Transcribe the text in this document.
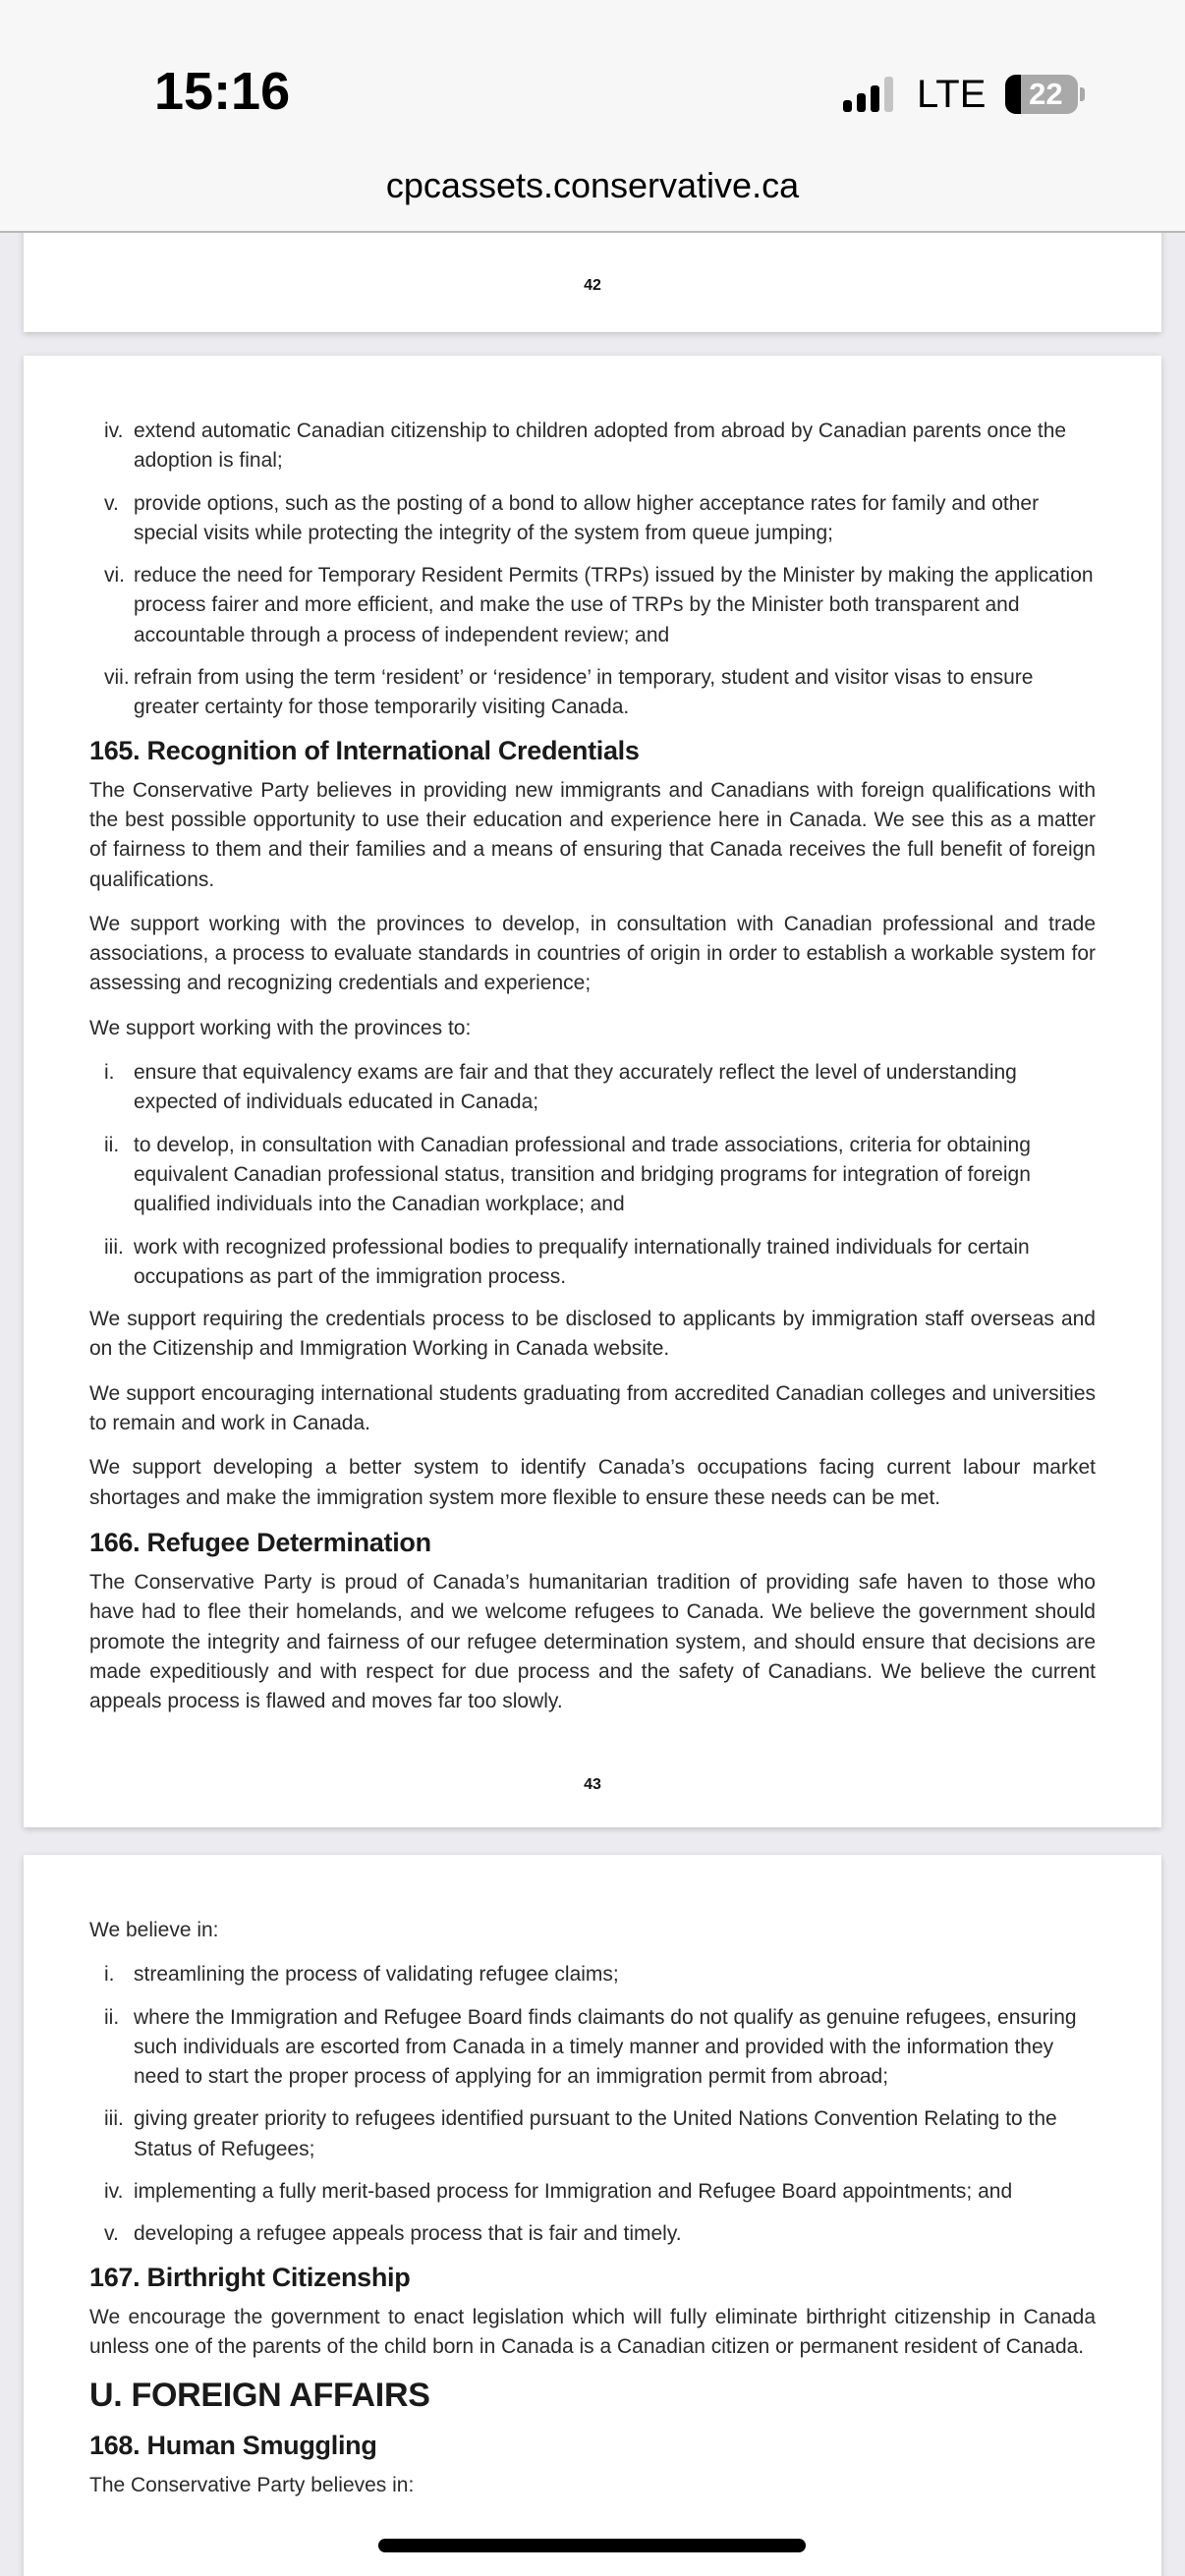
15:16	LTE 22
cpcassets.conservative.ca
42
iv. extend automatic Canadian citizenship to children adopted from abroad by Canadian parents once the adoption is final;
v. provide options, such as the posting of a bond to allow higher acceptance rates for family and other special visits while protecting the integrity of the system from queue jumping;
vi. reduce the need for Temporary Resident Permits (TRPs) issued by the Minister by making the application process fairer and more efficient, and make the use of TRPs by the Minister both transparent and accountable through a process of independent review; and
vii. refrain from using the term ‘resident’ or ‘residence’ in temporary, student and visitor visas to ensure greater certainty for those temporarily visiting Canada.
165. Recognition of International Credentials
The Conservative Party believes in providing new immigrants and Canadians with foreign qualifications with the best possible opportunity to use their education and experience here in Canada. We see this as a matter of fairness to them and their families and a means of ensuring that Canada receives the full benefit of foreign qualifications.
We support working with the provinces to develop, in consultation with Canadian professional and trade associations, a process to evaluate standards in countries of origin in order to establish a workable system for assessing and recognizing credentials and experience;
We support working with the provinces to:
i. ensure that equivalency exams are fair and that they accurately reflect the level of understanding expected of individuals educated in Canada;
ii. to develop, in consultation with Canadian professional and trade associations, criteria for obtaining equivalent Canadian professional status, transition and bridging programs for integration of foreign qualified individuals into the Canadian workplace; and
iii. work with recognized professional bodies to prequalify internationally trained individuals for certain occupations as part of the immigration process.
We support requiring the credentials process to be disclosed to applicants by immigration staff overseas and on the Citizenship and Immigration Working in Canada website.
We support encouraging international students graduating from accredited Canadian colleges and universities to remain and work in Canada.
We support developing a better system to identify Canada’s occupations facing current labour market shortages and make the immigration system more flexible to ensure these needs can be met.
166. Refugee Determination
The Conservative Party is proud of Canada’s humanitarian tradition of providing safe haven to those who have had to flee their homelands, and we welcome refugees to Canada. We believe the government should promote the integrity and fairness of our refugee determination system, and should ensure that decisions are made expeditiously and with respect for due process and the safety of Canadians. We believe the current appeals process is flawed and moves far too slowly.
43
We believe in:
i. streamlining the process of validating refugee claims;
ii. where the Immigration and Refugee Board finds claimants do not qualify as genuine refugees, ensuring such individuals are escorted from Canada in a timely manner and provided with the information they need to start the proper process of applying for an immigration permit from abroad;
iii. giving greater priority to refugees identified pursuant to the United Nations Convention Relating to the Status of Refugees;
iv. implementing a fully merit-based process for Immigration and Refugee Board appointments; and
v. developing a refugee appeals process that is fair and timely.
167. Birthright Citizenship
We encourage the government to enact legislation which will fully eliminate birthright citizenship in Canada unless one of the parents of the child born in Canada is a Canadian citizen or permanent resident of Canada.
U. FOREIGN AFFAIRS
168. Human Smuggling
The Conservative Party believes in:
